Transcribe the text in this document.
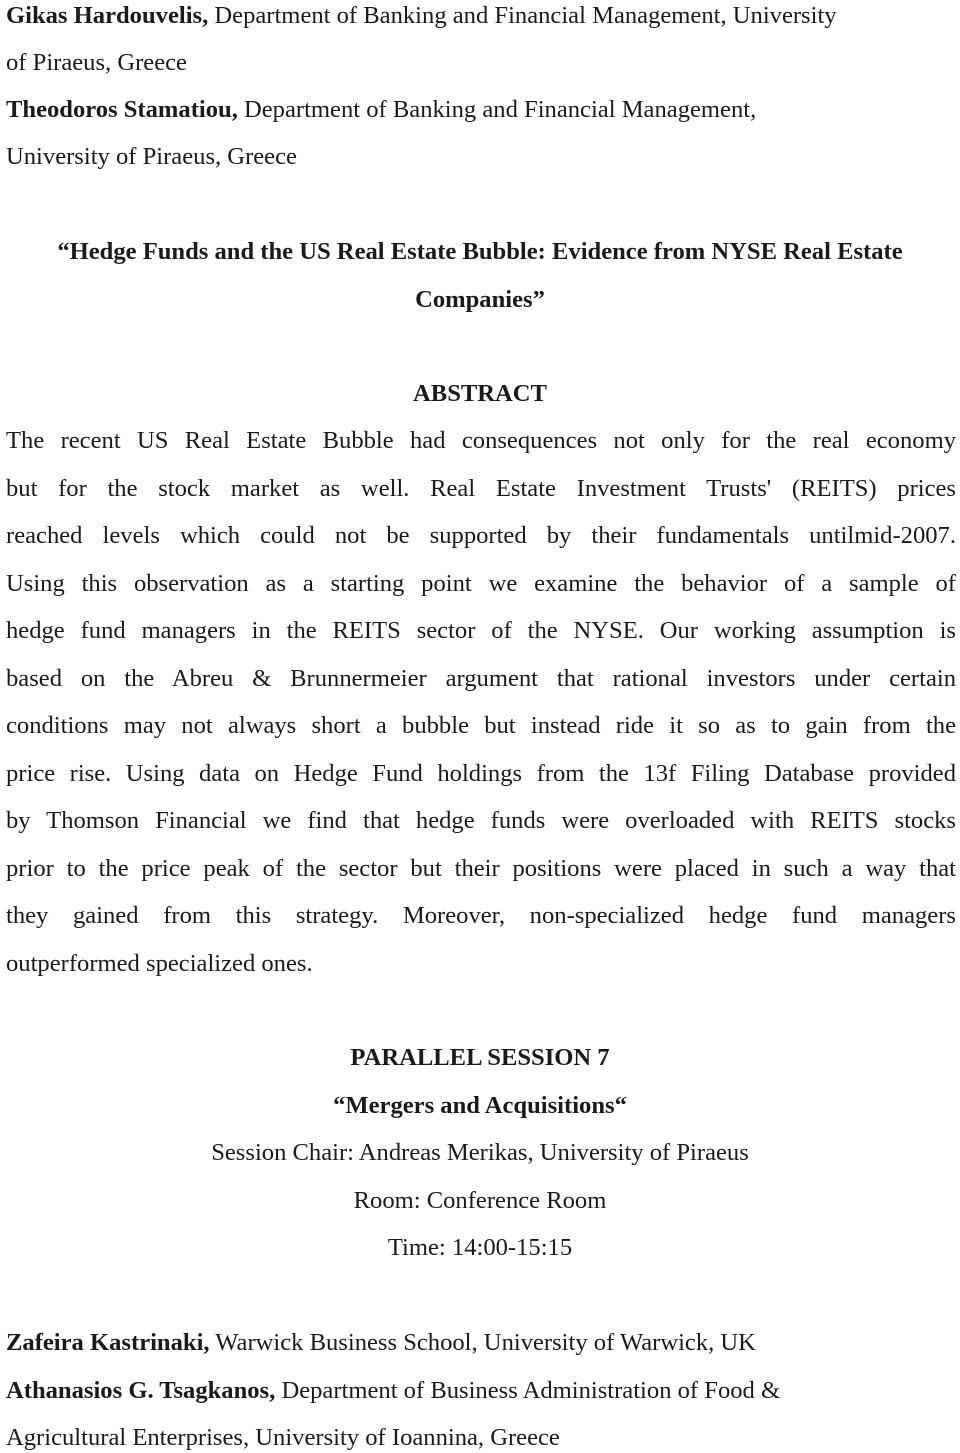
Gikas Hardouvelis, Department of Banking and Financial Management, University
of Piraeus, Greece
Theodoros Stamatiou, Department of Banking and Financial Management,
University of Piraeus, Greece
“Hedge Funds and the US Real Estate Bubble: Evidence from NYSE Real Estate
Companies”
ABSTRACT
The recent US Real Estate Bubble had consequences not only for the real economy
but for the stock market as well. Real Estate Investment Trusts' (REITS) prices
reached levels which could not be supported by their fundamentals untilmid-2007.
Using this observation as a starting point we examine the behavior of a sample of
hedge fund managers in the REITS sector of the NYSE. Our working assumption is
based on the Abreu & Brunnermeier argument that rational investors under certain
conditions may not always short a bubble but instead ride it so as to gain from the
price rise. Using data on Hedge Fund holdings from the 13f Filing Database provided
by Thomson Financial we find that hedge funds were overloaded with REITS stocks
prior to the price peak of the sector but their positions were placed in such a way that
they gained from this strategy. Moreover, non-specialized hedge fund managers
outperformed specialized ones.
PARALLEL SESSION 7
“Mergers and Acquisitions“
Session Chair: Andreas Merikas, University of Piraeus
Room: Conference Room
Time: 14:00-15:15
Zafeira Kastrinaki, Warwick Business School, University of Warwick, UK
Athanasios G. Tsagkanos, Department of Business Administration of Food &
Agricultural Enterprises, University of Ioannina, Greece
